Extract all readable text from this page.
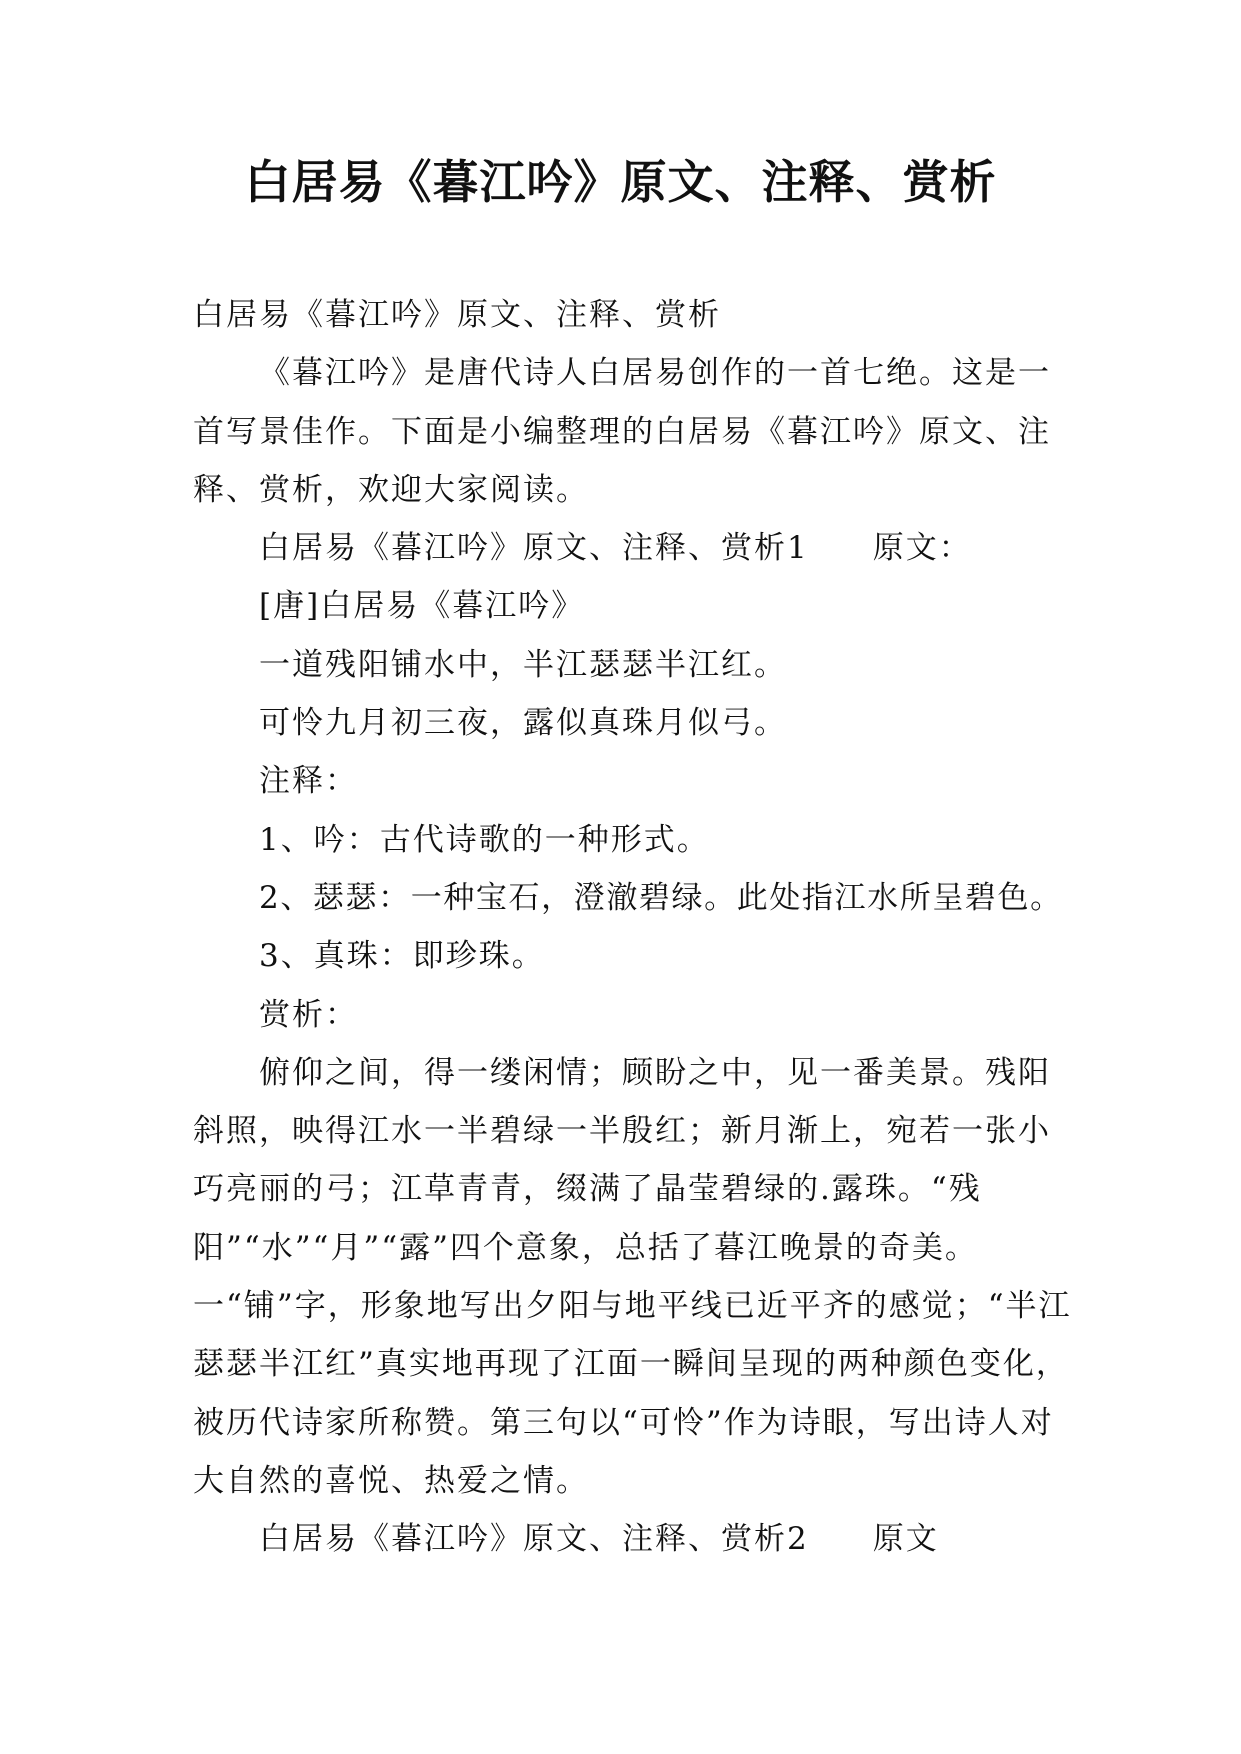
白居易《暮江吟》原文、注释、赏析

白居易《暮江吟》原文、注释、赏析

《暮江吟》是唐代诗人白居易创作的一首七绝。这是一首写景佳作。下面是小编整理的白居易《暮江吟》原文、注释、赏析，欢迎大家阅读。

白居易《暮江吟》原文、注释、赏析1 原文：

[唐]白居易《暮江吟》

一道残阳铺水中，半江瑟瑟半江红。

可怜九月初三夜，露似真珠月似弓。

注释：

1、吟：古代诗歌的一种形式。

2、瑟瑟：一种宝石，澄澈碧绿。此处指江水所呈碧色。

3、真珠：即珍珠。

赏析：

俯仰之间，得一缕闲情；顾盼之中，见一番美景。残阳斜照，映得江水一半碧绿一半殷红；新月渐上，宛若一张小巧亮丽的弓；江草青青，缀满了晶莹碧绿的.露珠。“残阳”“水”“月”“露”四个意象，总括了暮江晚景的奇美。一“铺”字，形象地写出夕阳与地平线已近平齐的感觉；“半江瑟瑟半江红”真实地再现了江面一瞬间呈现的两种颜色变化，被历代诗家所称赞。第三句以“可怜”作为诗眼，写出诗人对大自然的喜悦、热爱之情。

白居易《暮江吟》原文、注释、赏析2 原文
